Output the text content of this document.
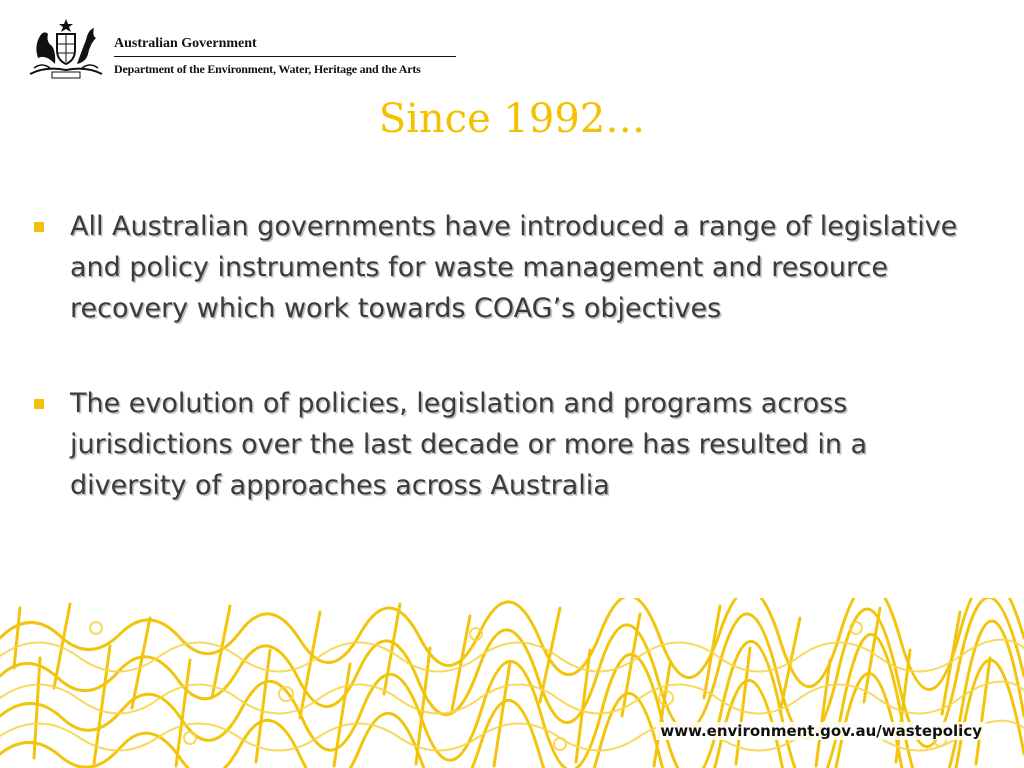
Australian Government
Department of the Environment, Water, Heritage and the Arts
Since 1992…
All Australian governments have introduced a range of legislative and policy instruments for waste management and resource recovery which work towards COAG’s objectives
The evolution of policies, legislation and programs across jurisdictions over the last decade or more has resulted in a diversity of approaches across Australia
www.environment.gov.au/wastepolicy
